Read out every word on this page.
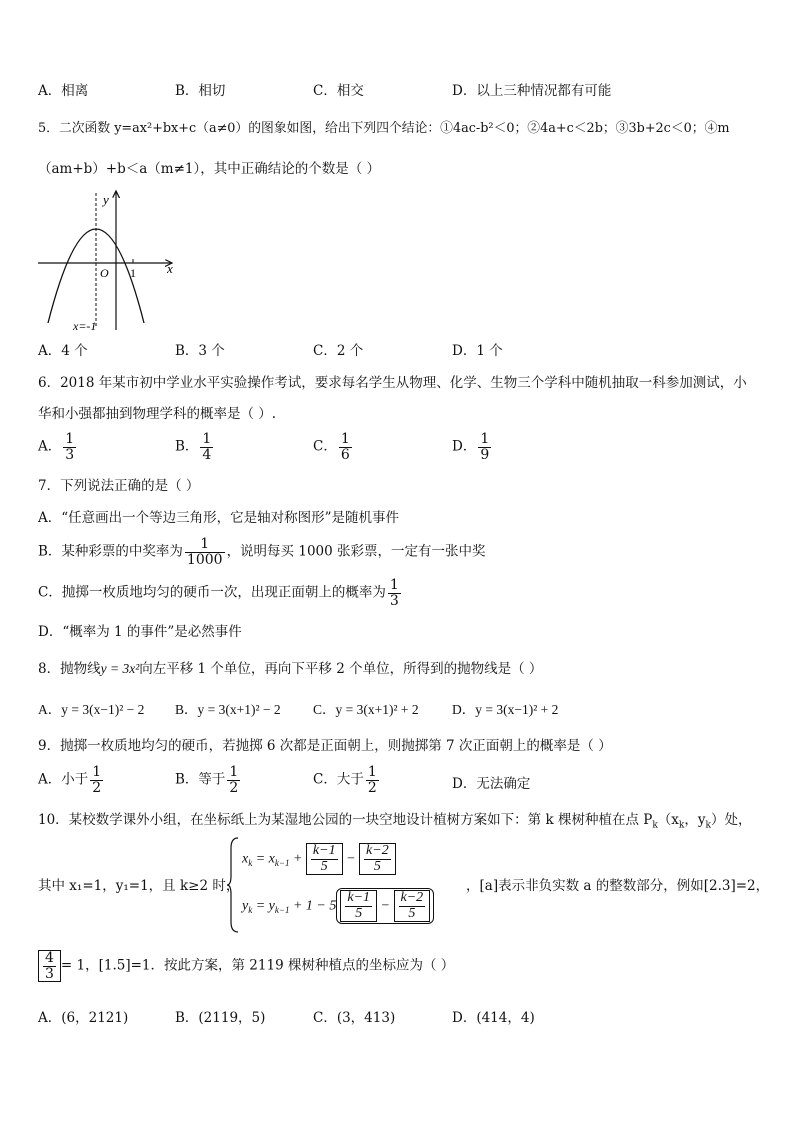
A．相离	B．相切	C．相交	D．以上三种情况都有可能
5．二次函数 y=ax²+bx+c（a≠0）的图象如图，给出下列四个结论：①4ac-b²＜0；②4a+c＜2b；③3b+2c＜0；④m
（am+b）+b＜a（m≠1），其中正确结论的个数是（ ）
y
x
O 1
x=-1
A．4 个	B．3 个	C．2 个	D．1 个
6．2018 年某市初中学业水平实验操作考试，要求每名学生从物理、化学、生物三个学科中随机抽取一科参加测试，小
华和小强都抽到物理学科的概率是（ ）.
A． $\frac{1}{3}$	B． $\frac{1}{4}$	C． $\frac{1}{6}$	D． $\frac{1}{9}$
7．下列说法正确的是（ ）
A．“任意画出一个等边三角形，它是轴对称图形”是随机事件
B．某种彩票的中奖率为 $\frac{1}{1000}$ ，说明每买 1000 张彩票，一定有一张中奖
C．抛掷一枚质地均匀的硬币一次，出现正面朝上的概率为 $\frac{1}{3}$
D．“概率为 1 的事件”是必然事件
8．抛物线y = 3x²向左平移 1 个单位，再向下平移 2 个单位，所得到的抛物线是（ ）
A．y = 3(x−1)² − 2 B．y = 3(x+1)² − 2 C．y = 3(x+1)² + 2 D．y = 3(x−1)² + 2
9．抛掷一枚质地均匀的硬币，若抛掷 6 次都是正面朝上，则抛掷第 7 次正面朝上的概率是（ ）
A．小于 $\frac{1}{2}$	B．等于 $\frac{1}{2}$	C．大于 $\frac{1}{2}$	D．无法确定
10．某校数学课外小组，在坐标纸上为某湿地公园的一块空地设计植树方案如下：第 k 棵树种植在点 $P_k(x_k$，$y_k$）处，
其中 x₁=1，y₁=1，且 k≥2 时，
$x_k = x_{k-1} + \frac{k-1}{5} - \frac{k-2}{5}$
$y_k = y_{k-1} + 1 - 5 \frac{k-1}{5} - \frac{k-2}{5}$
，[a]表示非负实数 a 的整数部分，例如[2.3]=2，
$\frac{4}{3} = 1$，[1.5]=1．按此方案，第 2119 棵树种植点的坐标应为（ ）
A．(6，2121)	B．(2119，5)	C．(3，413)	D．(414，4)
